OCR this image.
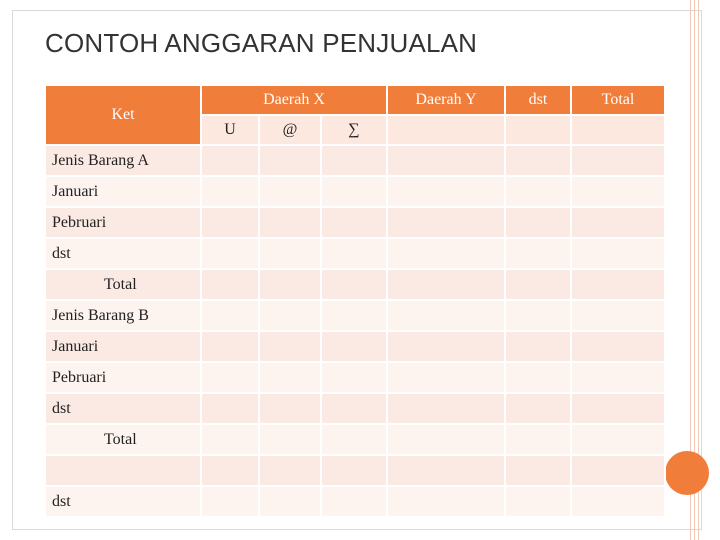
CONTOH ANGGARAN PENJUALAN
Ket	Daerah X			Daerah Y	dst	Total
	U	@	∑			
Jenis Barang A						
Januari						
Pebruari						
dst						
Total						
Jenis Barang B						
Januari						
Pebruari						
dst						
Total						

dst						
